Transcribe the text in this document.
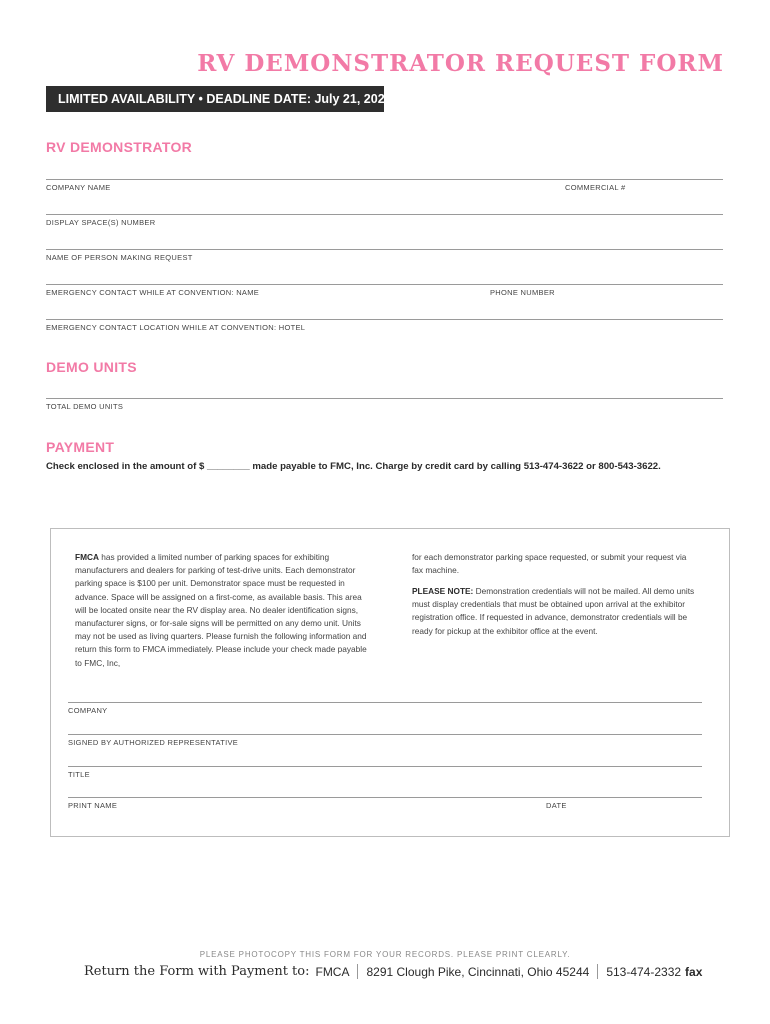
RV DEMONSTRATOR REQUEST FORM
LIMITED AVAILABILITY • DEADLINE DATE: July 21, 2023
RV DEMONSTRATOR
COMPANY NAME	COMMERCIAL #
DISPLAY SPACE(S) NUMBER
NAME OF PERSON MAKING REQUEST
EMERGENCY CONTACT WHILE AT CONVENTION: NAME	PHONE NUMBER
EMERGENCY CONTACT LOCATION WHILE AT CONVENTION: HOTEL
DEMO UNITS
TOTAL DEMO UNITS
PAYMENT
Check enclosed in the amount of $ ________ made payable to FMC, Inc. Charge by credit card by calling 513-474-3622 or 800-543-3622.
FMCA has provided a limited number of parking spaces for exhibiting manufacturers and dealers for parking of test-drive units. Each demonstrator parking space is $100 per unit. Demonstrator space must be requested in advance. Space will be assigned on a first-come, as available basis. This area will be located onsite near the RV display area. No dealer identification signs, manufacturer signs, or for-sale signs will be permitted on any demo unit. Units may not be used as living quarters. Please furnish the following information and return this form to FMCA immediately. Please include your check made payable to FMC, Inc,
for each demonstrator parking space requested, or submit your request via fax machine.
PLEASE NOTE: Demonstration credentials will not be mailed. All demo units must display credentials that must be obtained upon arrival at the exhibitor registration office. If requested in advance, demonstrator credentials will be ready for pickup at the exhibitor office at the event.
COMPANY
SIGNED BY AUTHORIZED REPRESENTATIVE
TITLE
PRINT NAME	DATE
PLEASE PHOTOCOPY THIS FORM FOR YOUR RECORDS. PLEASE PRINT CLEARLY.
Return the Form with Payment to: FMCA 8291 Clough Pike, Cincinnati, Ohio 45244 513-474-2332 fax
